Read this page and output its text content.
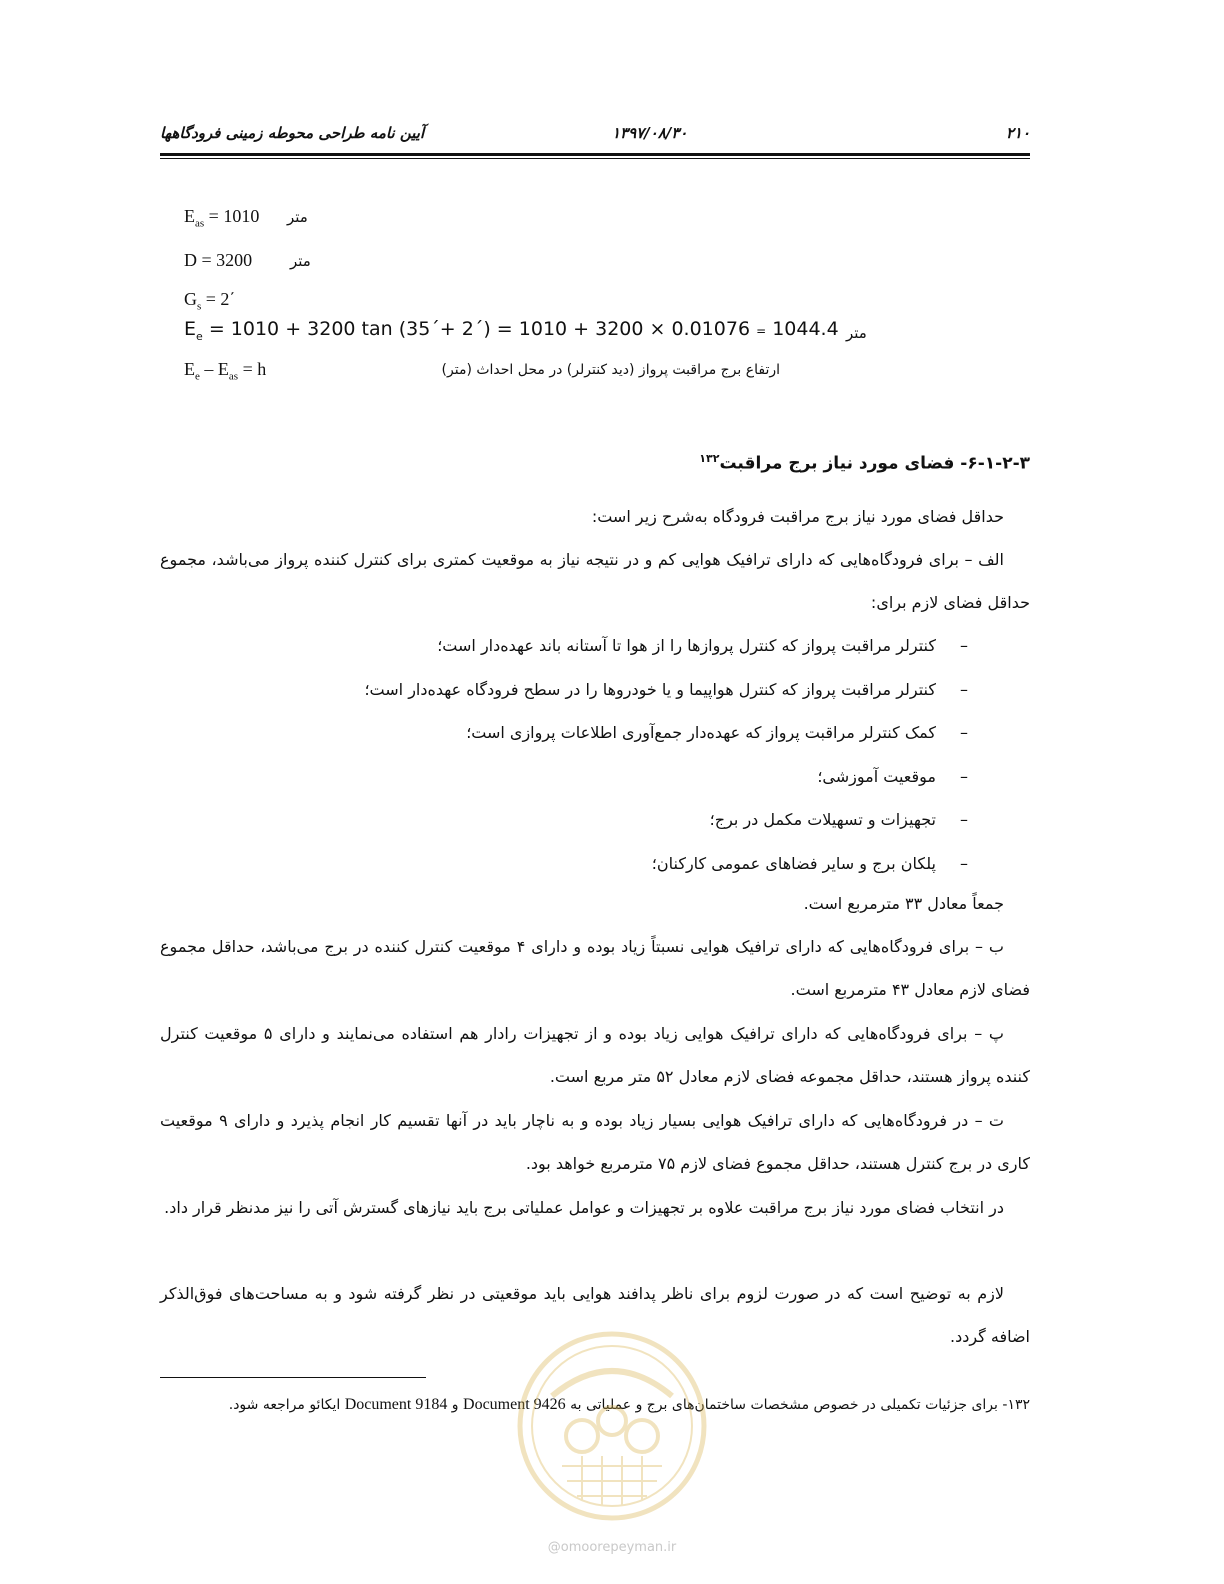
۲۱۰
۱۳۹۷/۰۸/۳۰
آیین نامه طراحی محوطه زمینی فرودگاهها
$E_{as} = 1010$ متر
D = 3200	متر
$G_s = 2΄$
$E_e = 1010 + 3200$ tan (35΄+ 2΄) = 1010 + 3200 × 0.01076 = 1044.4 متر
$E_e - E_{as} = h$	ارتفاع برج مراقبت پرواز (دید کنترلر) در محل احداث (متر)
۶-۱-۲-۳- فضای مورد نیاز برج مراقبت$^{۱۳۲}$
حداقل فضای مورد نیاز برج مراقبت فرودگاه به‌شرح زیر است:
الف – برای فرودگاه‌هایی که دارای ترافیک هوایی کم و در نتیجه نیاز به موقعیت کمتری برای کنترل کننده پرواز می‌باشد، مجموع حداقل فضای لازم برای:
–
کنترلر مراقبت پرواز که کنترل پروازها را از هوا تا آستانه باند عهده‌دار است؛
–
کنترلر مراقبت پرواز که کنترل هواپیما و یا خودروها را در سطح فرودگاه عهده‌دار است؛
–
کمک کنترلر مراقبت پرواز که عهده‌دار جمع‌آوری اطلاعات پروازی است؛
–
موقعیت آموزشی؛
–
تجهیزات و تسهیلات مکمل در برج؛
–
پلکان برج و سایر فضاهای عمومی کارکنان؛
جمعاً معادل ۳۳ مترمربع است.
ب – برای فرودگاه‌هایی که دارای ترافیک هوایی نسبتاً زیاد بوده و دارای ۴ موقعیت کنترل کننده در برج می‌باشد، حداقل مجموع فضای لازم معادل ۴۳ مترمربع است.
پ – برای فرودگاه‌هایی که دارای ترافیک هوایی زیاد بوده و از تجهیزات رادار هم استفاده می‌نمایند و دارای ۵ موقعیت کنترل کننده پرواز هستند، حداقل مجموعه فضای لازم معادل ۵۲ متر مربع است.
ت – در فرودگاه‌هایی که دارای ترافیک هوایی بسیار زیاد بوده و به ناچار باید در آنها تقسیم کار انجام پذیرد و دارای ۹ موقعیت کاری در برج کنترل هستند، حداقل مجموع فضای لازم ۷۵ مترمربع خواهد بود.
در انتخاب فضای مورد نیاز برج مراقبت علاوه بر تجهیزات و عوامل عملیاتی برج باید نیازهای گسترش آتی را نیز مدنظر قرار داد.
لازم به توضیح است که در صورت لزوم برای ناظر پدافند هوایی باید موقعیتی در نظر گرفته شود و به مساحت‌های فوق‌الذکر اضافه گردد.
۱۳۲- برای جزئیات تکمیلی در خصوص مشخصات ساختمان‌های برج و عملیاتی به Document 9426 و Document 9184 ایکائو مراجعه شود.
@omoorepeyman.ir
